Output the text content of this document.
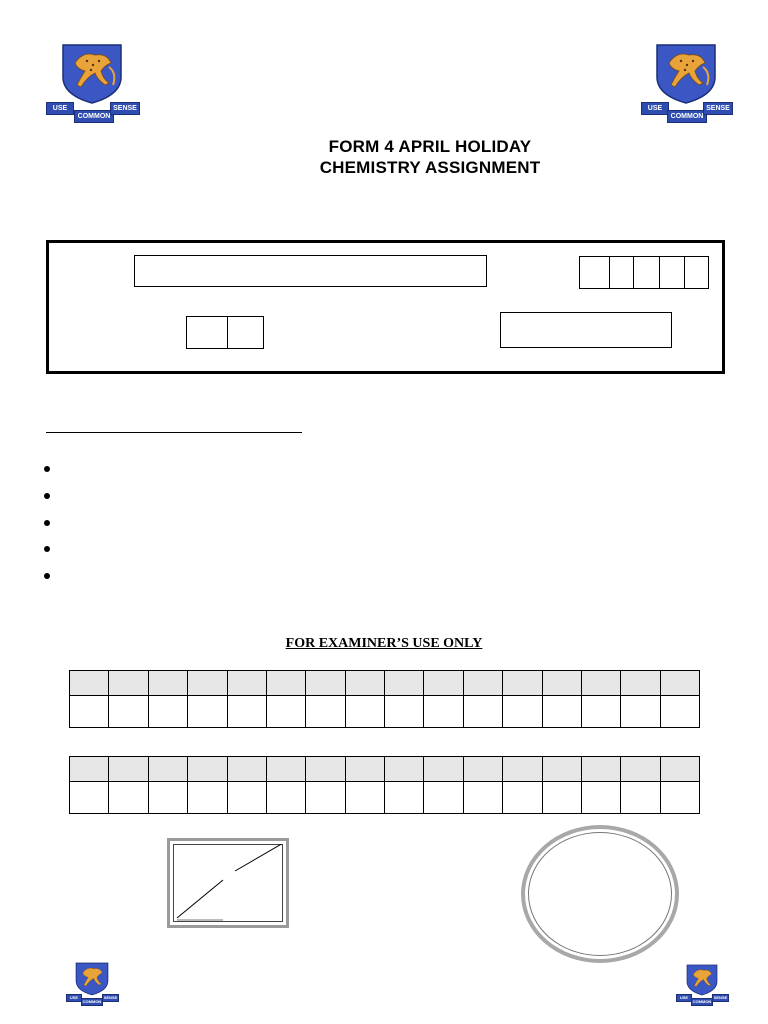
USE
COMMON
SENSE	USE
COMMON
SENSE
FORM 4 APRIL HOLIDAY
CHEMISTRY ASSIGNMENT
FOR EXAMINER’S USE ONLY

USE
COMMON
SENSE	USE
COMMON
SENSE
